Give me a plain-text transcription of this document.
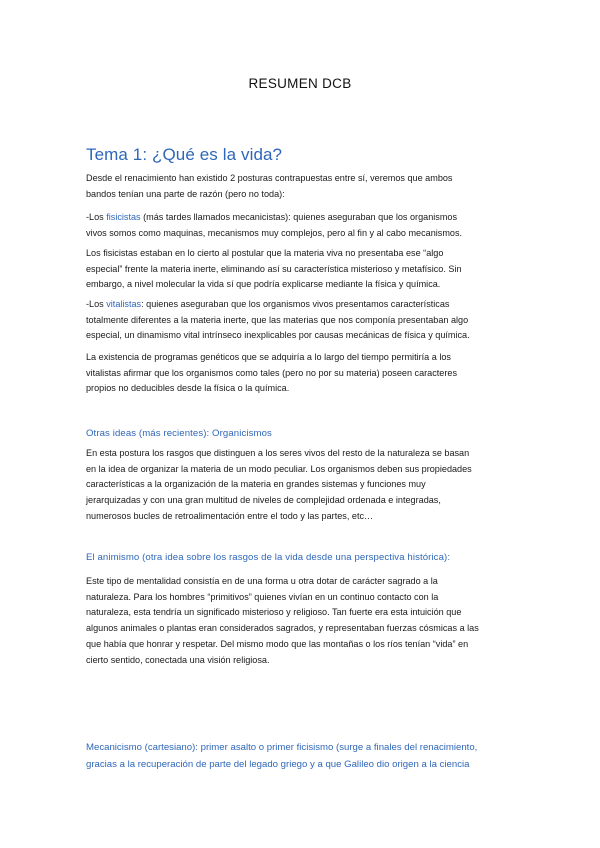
RESUMEN DCB
Tema 1: ¿Qué es la vida?
Desde el renacimiento han existido 2 posturas contrapuestas entre sí, veremos que ambos
bandos tenían una parte de razón (pero no toda):
-Los fisicistas (más tardes llamados mecanicistas): quienes aseguraban que los organismos
vivos somos como maquinas, mecanismos muy complejos, pero al fin y al cabo mecanismos.
Los fisicistas estaban en lo cierto al postular que la materia viva no presentaba ese “algo
especial” frente la materia inerte, eliminando así su característica misterioso y metafísico. Sin
embargo, a nivel molecular la vida sí que podría explicarse mediante la física y química.
-Los vitalistas: quienes aseguraban que los organismos vivos presentamos características
totalmente diferentes a la materia inerte, que las materias que nos componía presentaban algo
especial, un dinamismo vital intrínseco inexplicables por causas mecánicas de física y química.
La existencia de programas genéticos que se adquiría a lo largo del tiempo permitiría a los
vitalistas afirmar que los organismos como tales (pero no por su materia) poseen caracteres
propios no deducibles desde la física o la química.
Otras ideas (más recientes): Organicismos
En esta postura los rasgos que distinguen a los seres vivos del resto de la naturaleza se basan
en la idea de organizar la materia de un modo peculiar. Los organismos deben sus propiedades
características a la organización de la materia en grandes sistemas y funciones muy
jerarquizadas y con una gran multitud de niveles de complejidad ordenada e integradas,
numerosos bucles de retroalimentación entre el todo y las partes, etc…
El animismo (otra idea sobre los rasgos de la vida desde una perspectiva histórica):
Este tipo de mentalidad consistía en de una forma u otra dotar de carácter sagrado a la
naturaleza. Para los hombres “primitivos” quienes vivían en un continuo contacto con la
naturaleza, esta tendría un significado misterioso y religioso. Tan fuerte era esta intuición que
algunos animales o plantas eran considerados sagrados, y representaban fuerzas cósmicas a las
que había que honrar y respetar. Del mismo modo que las montañas o los ríos tenían “vida” en
cierto sentido, conectada una visión religiosa.
Mecanicismo (cartesiano): primer asalto o primer ficisismo (surge a finales del renacimiento,
gracias a la recuperación de parte del legado griego y a que Galileo dio origen a la ciencia
